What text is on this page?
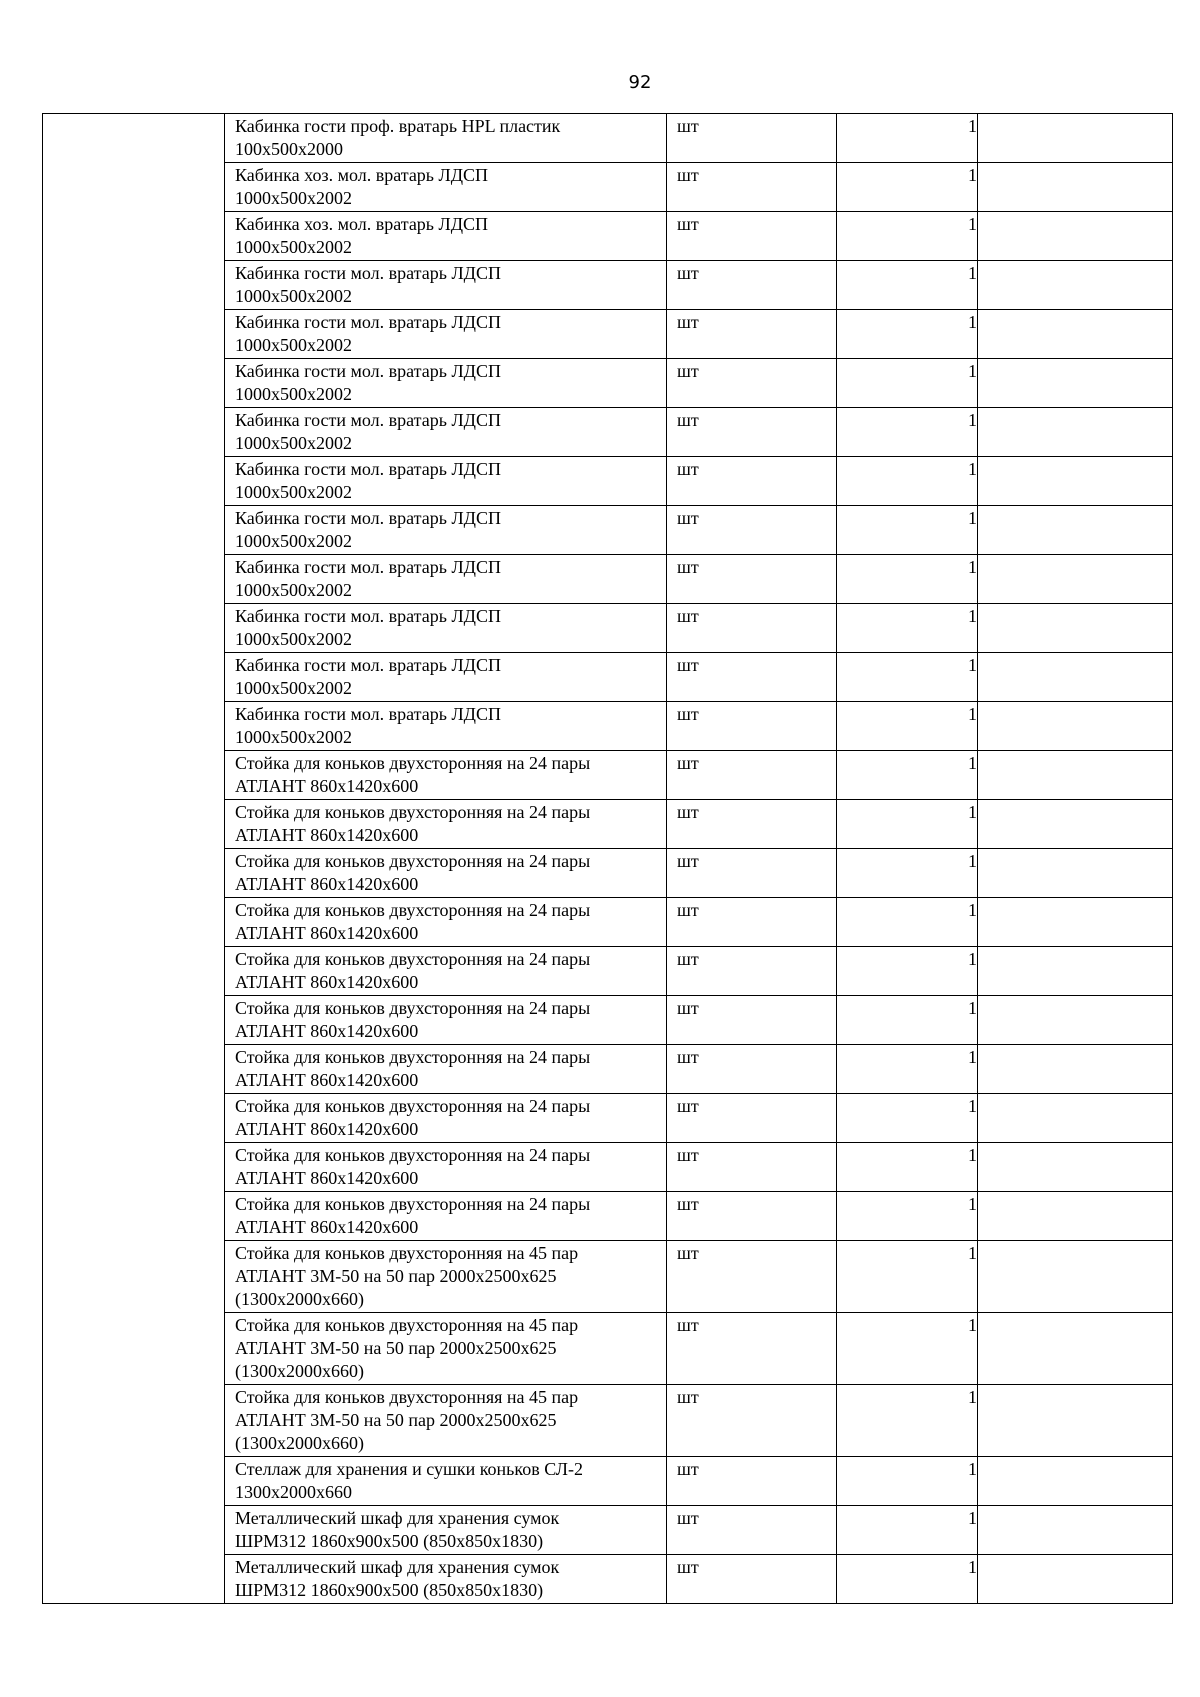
92

	Кабинка гости проф. вратарь HPL пластик
100x500x2000	шт	1	

	Кабинка хоз. мол. вратарь ЛДСП
1000x500x2002	шт	1	

	Кабинка хоз. мол. вратарь ЛДСП
1000x500x2002	шт	1	

	Кабинка гости мол. вратарь ЛДСП
1000x500x2002	шт	1	

	Кабинка гости мол. вратарь ЛДСП
1000x500x2002	шт	1	

	Кабинка гости мол. вратарь ЛДСП
1000x500x2002	шт	1	

	Кабинка гости мол. вратарь ЛДСП
1000x500x2002	шт	1	

	Кабинка гости мол. вратарь ЛДСП
1000x500x2002	шт	1	

	Кабинка гости мол. вратарь ЛДСП
1000x500x2002	шт	1	

	Кабинка гости мол. вратарь ЛДСП
1000x500x2002	шт	1	

	Кабинка гости мол. вратарь ЛДСП
1000x500x2002	шт	1	

	Кабинка гости мол. вратарь ЛДСП
1000x500x2002	шт	1	

	Кабинка гости мол. вратарь ЛДСП
1000x500x2002	шт	1	

	Стойка для коньков двухсторонняя на 24 пары
АТЛАНТ 860x1420x600	шт	1	

	Стойка для коньков двухсторонняя на 24 пары
АТЛАНТ 860x1420x600	шт	1	

	Стойка для коньков двухсторонняя на 24 пары
АТЛАНТ 860x1420x600	шт	1	

	Стойка для коньков двухсторонняя на 24 пары
АТЛАНТ 860x1420x600	шт	1	

	Стойка для коньков двухсторонняя на 24 пары
АТЛАНТ 860x1420x600	шт	1	

	Стойка для коньков двухсторонняя на 24 пары
АТЛАНТ 860x1420x600	шт	1	

	Стойка для коньков двухсторонняя на 24 пары
АТЛАНТ 860x1420x600	шт	1	

	Стойка для коньков двухсторонняя на 24 пары
АТЛАНТ 860x1420x600	шт	1	

	Стойка для коньков двухсторонняя на 24 пары
АТЛАНТ 860x1420x600	шт	1	

	Стойка для коньков двухсторонняя на 24 пары
АТЛАНТ 860x1420x600	шт	1	

	Стойка для коньков двухсторонняя на 45 пар
АТЛАНТ 3М-50 на 50 пар 2000x2500x625
(1300x2000x660)	шт	1	

	Стойка для коньков двухсторонняя на 45 пар
АТЛАНТ 3М-50 на 50 пар 2000x2500x625
(1300x2000x660)	шт	1	

	Стойка для коньков двухсторонняя на 45 пар
АТЛАНТ 3М-50 на 50 пар 2000x2500x625
(1300x2000x660)	шт	1	

	Стеллаж для хранения и сушки коньков СЛ-2
1300x2000x660	шт	1	

	Металлический шкаф для хранения сумок
ШРМ312 1860x900x500 (850x850x1830)	шт	1	

	Металлический шкаф для хранения сумок
ШРМ312 1860x900x500 (850x850x1830)	шт	1	
